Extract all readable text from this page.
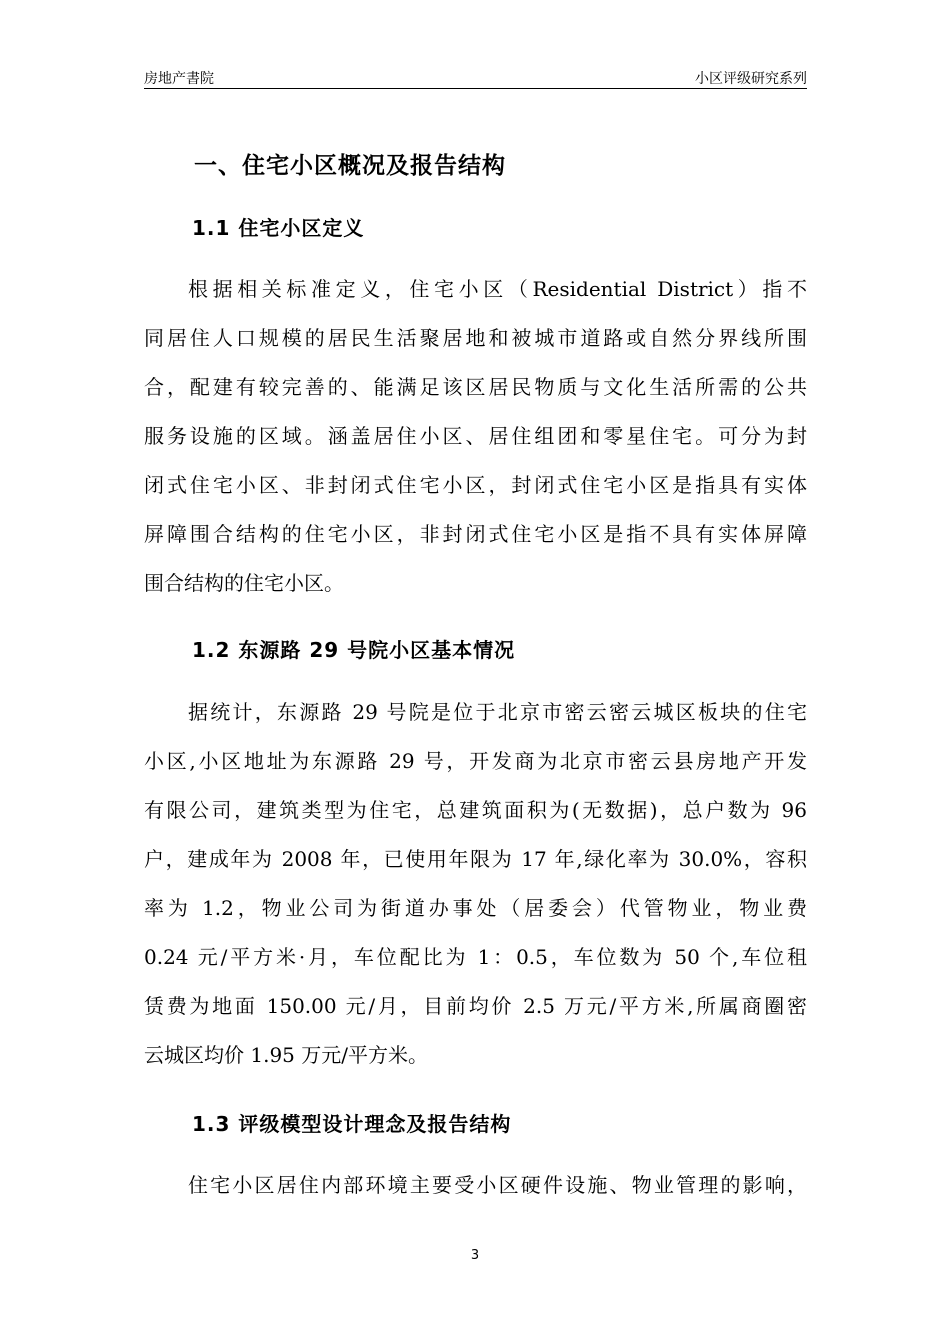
房地产書院	小区评级研究系列
一、住宅小区概况及报告结构
1.1 住宅小区定义
根据相关标准定义，住宅小区（Residential District）指不
同居住人口规模的居民生活聚居地和被城市道路或自然分界线所围
合，配建有较完善的、能满足该区居民物质与文化生活所需的公共
服务设施的区域。涵盖居住小区、居住组团和零星住宅。可分为封
闭式住宅小区、非封闭式住宅小区，封闭式住宅小区是指具有实体
屏障围合结构的住宅小区，非封闭式住宅小区是指不具有实体屏障
围合结构的住宅小区。
1.2 东源路 29 号院小区基本情况
据统计，东源路 29 号院是位于北京市密云密云城区板块的住宅
小区,小区地址为东源路 29 号，开发商为北京市密云县房地产开发
有限公司，建筑类型为住宅，总建筑面积为(无数据)，总户数为 96
户，建成年为 2008 年，已使用年限为 17 年,绿化率为 30.0%，容积
率为 1.2，物业公司为街道办事处（居委会）代管物业，物业费
0.24 元/平方米·月，车位配比为 1：0.5，车位数为 50 个,车位租
赁费为地面 150.00 元/月，目前均价 2.5 万元/平方米,所属商圈密
云城区均价 1.95 万元/平方米。
1.3 评级模型设计理念及报告结构
住宅小区居住内部环境主要受小区硬件设施、物业管理的影响，
3
